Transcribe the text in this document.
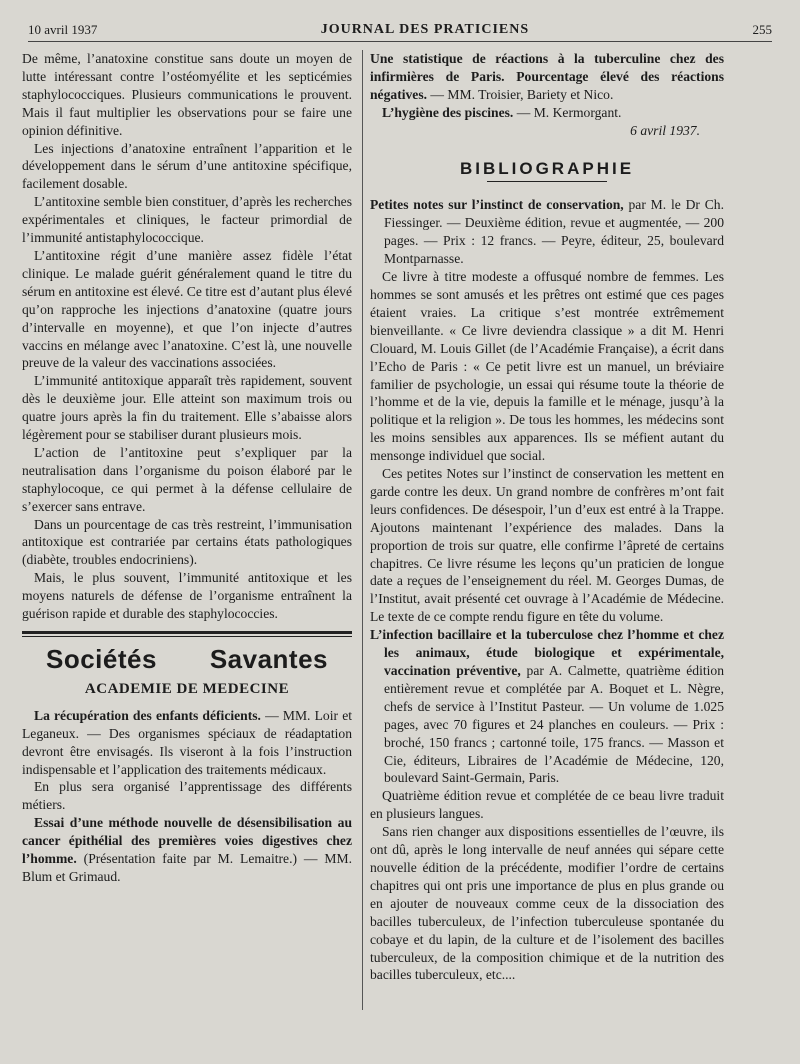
10 avril 1937	JOURNAL DES PRATICIENS	255

De même, l’anatoxine constitue sans doute un moyen de lutte intéressant contre l’ostéomyélite et les septicémies staphylococciques. Plusieurs communications le prouvent. Mais il faut multiplier les observations pour se faire une opinion définitive.

Les injections d’anatoxine entraînent l’apparition et le développement dans le sérum d’une antitoxine spécifique, facilement dosable.

L’antitoxine semble bien constituer, d’après les recherches expérimentales et cliniques, le facteur primordial de l’immunité antistaphylococcique.

L’antitoxine régit d’une manière assez fidèle l’état clinique. Le malade guérit généralement quand le titre du sérum en antitoxine est élevé. Ce titre est d’autant plus élevé qu’on rapproche les injections d’anatoxine (quatre jours d’intervalle en moyenne), et que l’on injecte d’autres vaccins en mélange avec l’anatoxine. C’est là, une nouvelle preuve de la valeur des vaccinations associées.

L’immunité antitoxique apparaît très rapidement, souvent dès le deuxième jour. Elle atteint son maximum trois ou quatre jours après la fin du traitement. Elle s’abaisse alors légèrement pour se stabiliser durant plusieurs mois.

L’action de l’antitoxine peut s’expliquer par la neutralisation dans l’organisme du poison élaboré par le staphylocoque, ce qui permet à la défense cellulaire de s’exercer sans entrave.

Dans un pourcentage de cas très restreint, l’immunisation antitoxique est contrariée par certains états pathologiques (diabète, troubles endocriniens).

Mais, le plus souvent, l’immunité antitoxique et les moyens naturels de défense de l’organisme entraînent la guérison rapide et durable des staphylococcies.

Sociétés Savantes
ACADEMIE DE MEDECINE

La récupération des enfants déficients. — MM. Loir et Leganeux. — Des organismes spéciaux de réadaptation devront être envisagés. Ils viseront à la fois l’instruction indispensable et l’application des traitements médicaux.

En plus sera organisé l’apprentissage des différents métiers.

Essai d’une méthode nouvelle de désensibilisation au cancer épithélial des premières voies digestives chez l’homme. (Présentation faite par M. Lemaitre.) — MM. Blum et Grimaud.

Une statistique de réactions à la tuberculine chez des infirmières de Paris. Pourcentage élevé des réactions négatives. — MM. Troisier, Bariety et Nico.

L’hygiène des piscines. — M. Kermorgant.

6 avril 1937.
BIBLIOGRAPHIE

Petites notes sur l’instinct de conservation, par M. le Dr Ch. Fiessinger. — Deuxième édition, revue et augmentée, — 200 pages. — Prix : 12 francs. — Peyre, éditeur, 25, boulevard Montparnasse.

Ce livre à titre modeste a offusqué nombre de femmes. Les hommes se sont amusés et les prêtres ont estimé que ces pages étaient vraies. La critique s’est montrée extrêmement bienveillante. « Ce livre deviendra classique » a dit M. Henri Clouard, M. Louis Gillet (de l’Académie Française), a écrit dans l’Echo de Paris : « Ce petit livre est un manuel, un bréviaire familier de psychologie, un essai qui résume toute la théorie de l’homme et de la vie, depuis la famille et le ménage, jusqu’à la politique et la religion ». De tous les hommes, les médecins sont les moins sensibles aux apparences. Ils se méfient autant du mensonge individuel que social.

Ces petites Notes sur l’instinct de conservation les mettent en garde contre les deux. Un grand nombre de confrères m’ont fait leurs confidences. De désespoir, l’un d’eux est entré à la Trappe. Ajoutons maintenant l’expérience des malades. Dans la proportion de trois sur quatre, elle confirme l’âpreté de certains chapitres. Ce livre résume les leçons qu’un praticien de longue date a reçues de l’enseignement du réel. M. Georges Dumas, de l’Institut, avait présenté cet ouvrage à l’Académie de Médecine. Le texte de ce compte rendu figure en tête du volume.

L’infection bacillaire et la tuberculose chez l’homme et chez les animaux, étude biologique et expérimentale, vaccination préventive, par A. Calmette, quatrième édition entièrement revue et complétée par A. Boquet et L. Nègre, chefs de service à l’Institut Pasteur. — Un volume de 1.025 pages, avec 70 figures et 24 planches en couleurs. — Prix : broché, 150 francs ; cartonné toile, 175 francs. — Masson et Cie, éditeurs, Libraires de l’Académie de Médecine, 120, boulevard Saint-Germain, Paris.

Quatrième édition revue et complétée de ce beau livre traduit en plusieurs langues.

Sans rien changer aux dispositions essentielles de l’œuvre, ils ont dû, après le long intervalle de neuf années qui sépare cette nouvelle édition de la précédente, modifier l’ordre de certains chapitres qui ont pris une importance de plus en plus grande ou en ajouter de nouveaux comme ceux de la dissociation des bacilles tuberculeux, de l’infection tuberculeuse spontanée du cobaye et du lapin, de la culture et de l’isolement des bacilles tuberculeux, de la composition chimique et de la nutrition des bacilles tuberculeux, etc....
